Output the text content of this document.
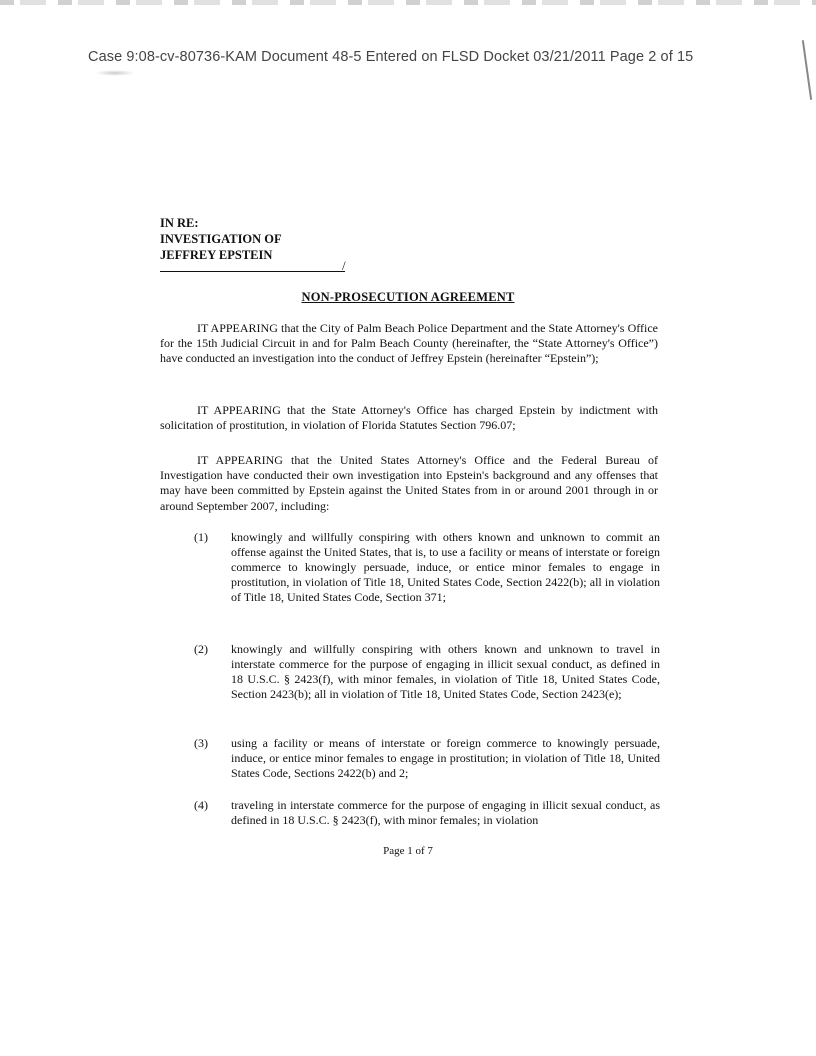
Case 9:08-cv-80736-KAM Document 48-5 Entered on FLSD Docket 03/21/2011 Page 2 of 15
IN RE:
INVESTIGATION OF
JEFFREY EPSTEIN
/
NON-PROSECUTION AGREEMENT
IT APPEARING that the City of Palm Beach Police Department and the State Attorney's Office for the 15th Judicial Circuit in and for Palm Beach County (hereinafter, the “State Attorney's Office”) have conducted an investigation into the conduct of Jeffrey Epstein (hereinafter “Epstein”);
IT APPEARING that the State Attorney's Office has charged Epstein by indictment with solicitation of prostitution, in violation of Florida Statutes Section 796.07;
IT APPEARING that the United States Attorney's Office and the Federal Bureau of Investigation have conducted their own investigation into Epstein's background and any offenses that may have been committed by Epstein against the United States from in or around 2001 through in or around September 2007, including:
(1)	knowingly and willfully conspiring with others known and unknown to commit an offense against the United States, that is, to use a facility or means of interstate or foreign commerce to knowingly persuade, induce, or entice minor females to engage in prostitution, in violation of Title 18, United States Code, Section 2422(b); all in violation of Title 18, United States Code, Section 371;
(2)	knowingly and willfully conspiring with others known and unknown to travel in interstate commerce for the purpose of engaging in illicit sexual conduct, as defined in 18 U.S.C. § 2423(f), with minor females, in violation of Title 18, United States Code, Section 2423(b); all in violation of Title 18, United States Code, Section 2423(e);
(3)	using a facility or means of interstate or foreign commerce to knowingly persuade, induce, or entice minor females to engage in prostitution; in violation of Title 18, United States Code, Sections 2422(b) and 2;
(4)	traveling in interstate commerce for the purpose of engaging in illicit sexual conduct, as defined in 18 U.S.C. § 2423(f), with minor females; in violation
Page 1 of 7
